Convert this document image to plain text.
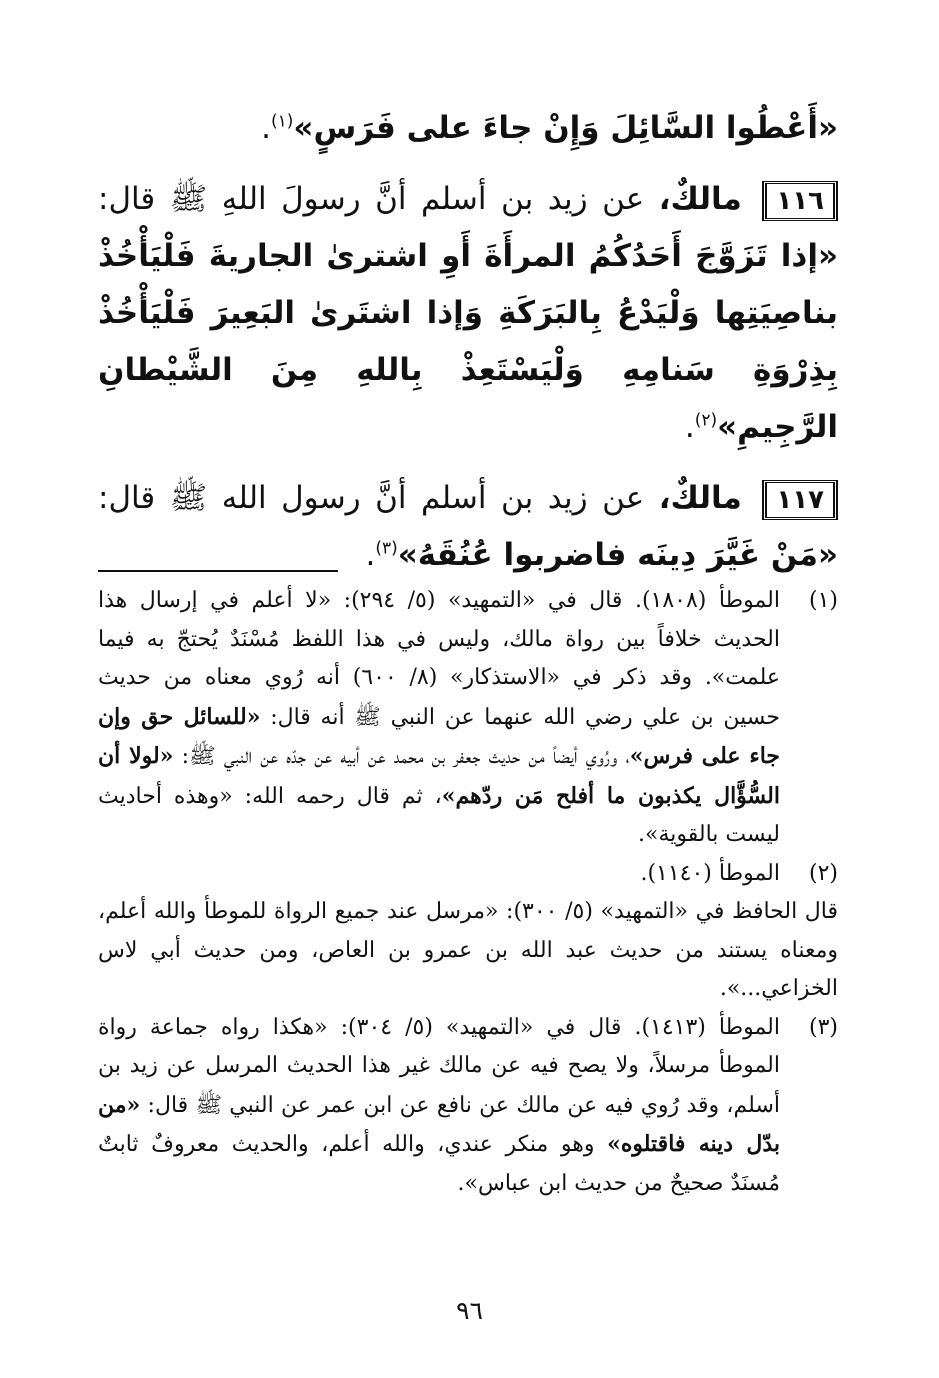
«أَعْطُوا السَّائِلَ وَإِنْ جاءَ على فَرَسٍ»$^{(١)}$.

١١٦ مالكٌ، عن زيد بن أسلم أنَّ رسولَ اللهِ ﷺ قال: «إذا تَزَوَّجَ أَحَدُكُمُ المرأَةَ أَوِ اشترىٰ الجاريةَ فَلْيَأْخُذْ بناصِيَتِها وَلْيَدْعُ بِالبَرَكَةِ وَإذا اشتَرىٰ البَعِيرَ فَلْيَأْخُذْ بِذِرْوَةِ سَنامِهِ وَلْيَسْتَعِذْ بِاللهِ مِنَ الشَّيْطانِ الرَّجِيمِ»$^{(٢)}$.

١١٧ مالكٌ، عن زيد بن أسلم أنَّ رسول الله ﷺ قال: «مَنْ غَيَّرَ دِينَه فاضربوا عُنُقَهُ»$^{(٣)}$.

(١)
الموطأ (١٨٠٨). قال في «التمهيد» (٥/ ٢٩٤): «لا أعلم في إرسال هذا الحديث خلافاً بين رواة مالك، وليس في هذا اللفظ مُسْنَدٌ يُحتجّ به فيما علمت». وقد ذكر في «الاستذكار» (٨/ ٦٠٠) أنه رُوي معناه من حديث حسين بن علي رضي الله عنهما عن النبي ﷺ أنه قال: «للسائل حق وإن جاء على فرس»، ورُوي أيضاً من حديث جعفر بن محمد عن أبيه عن جدّه عن النبي ﷺ: «لولا أن السُّؤَّال يكذبون ما أفلح مَن ردّهم»، ثم قال رحمه الله: «وهذه أحاديث ليست بالقوية».
(٢)
الموطأ (١١٤٠).
قال الحافظ في «التمهيد» (٥/ ٣٠٠): «مرسل عند جميع الرواة للموطأ والله أعلم، ومعناه يستند من حديث عبد الله بن عمرو بن العاص، ومن حديث أبي لاس الخزاعي...».
(٣)
الموطأ (١٤١٣). قال في «التمهيد» (٥/ ٣٠٤): «هكذا رواه جماعة رواة الموطأ مرسلاً، ولا يصح فيه عن مالك غير هذا الحديث المرسل عن زيد بن أسلم، وقد رُوي فيه عن مالك عن نافع عن ابن عمر عن النبي ﷺ قال: «من بدّل دينه فاقتلوه» وهو منكر عندي، والله أعلم، والحديث معروفٌ ثابتٌ مُسنَدٌ صحيحٌ من حديث ابن عباس».
٩٦
